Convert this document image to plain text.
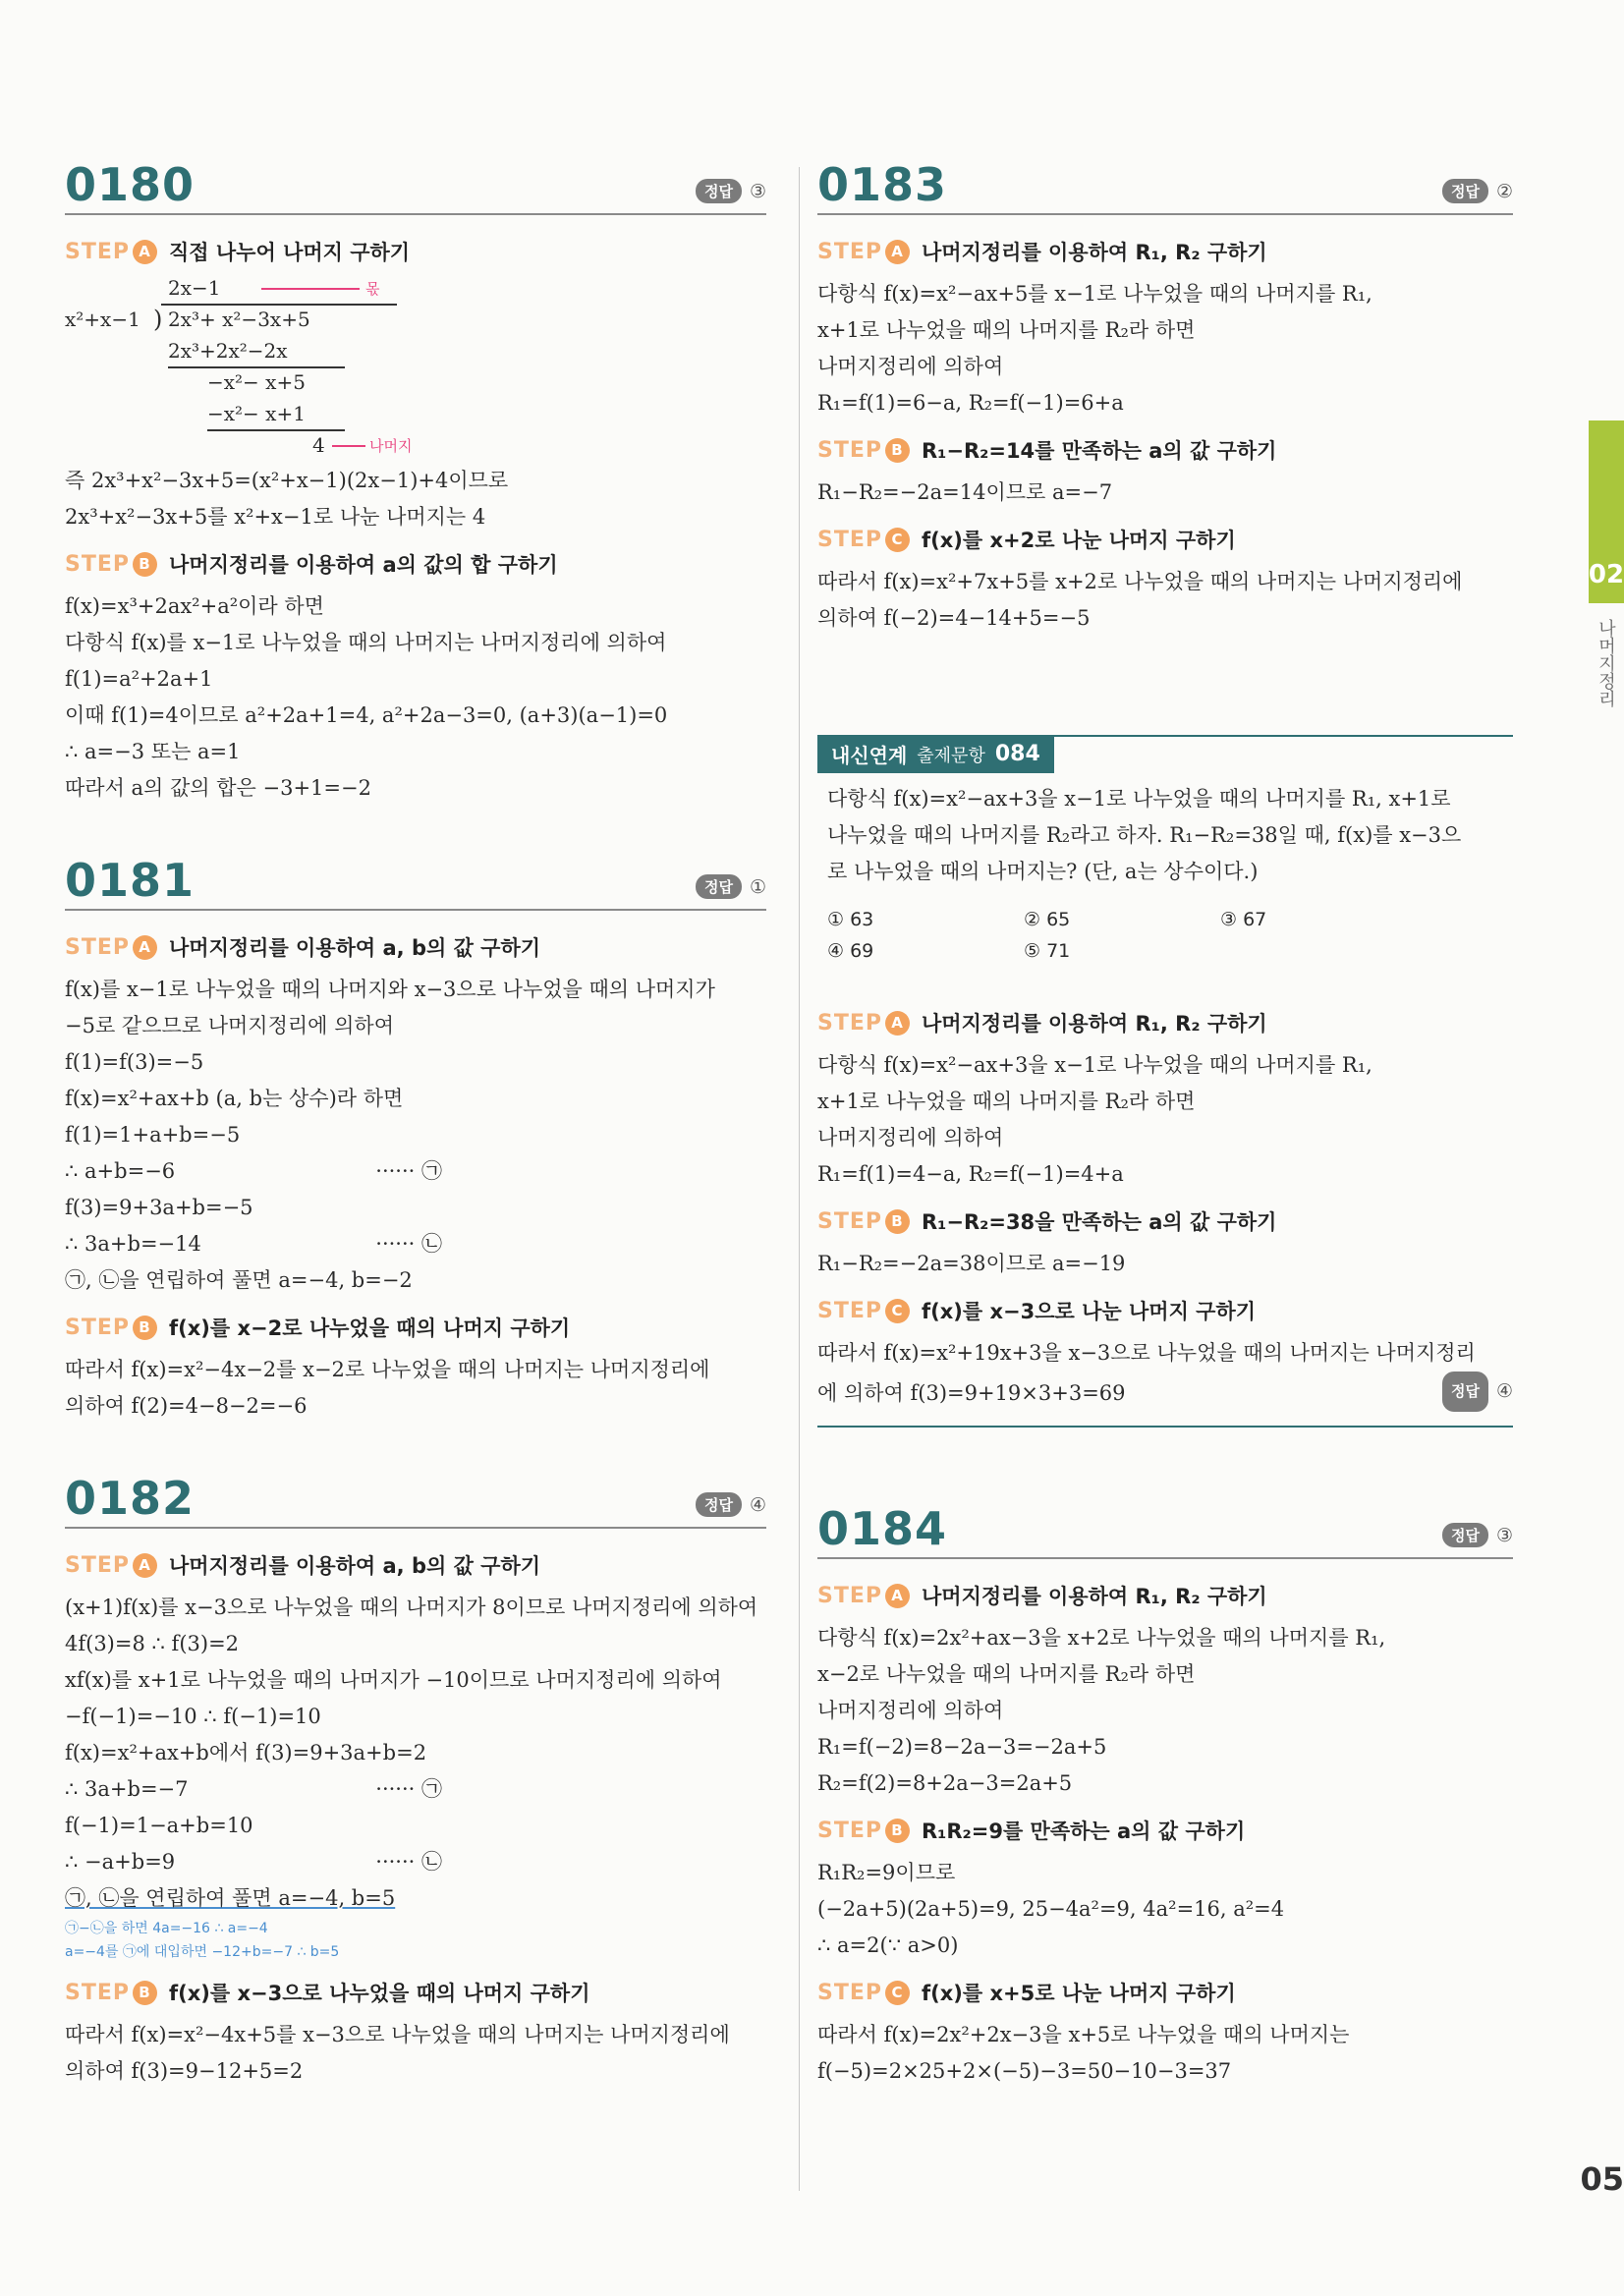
0180	정답 ③
STEP A 직접 나누어 나머지 구하기
2x−1	몫
x²+x−1 ) 2x³+ x²−3x+5
2x³+2x²−2x
−x²− x+5
−x²− x+1
4	나머지
즉 2x³+x²−3x+5=(x²+x−1)(2x−1)+4이므로
2x³+x²−3x+5를 x²+x−1로 나눈 나머지는 4
STEP B 나머지정리를 이용하여 a의 값의 합 구하기
f(x)=x³+2ax²+a²이라 하면
다항식 f(x)를 x−1로 나누었을 때의 나머지는 나머지정리에 의하여
f(1)=a²+2a+1
이때 f(1)=4이므로 a²+2a+1=4, a²+2a−3=0, (a+3)(a−1)=0
∴ a=−3 또는 a=1
따라서 a의 값의 합은 −3+1=−2
0181	정답 ①
STEP A 나머지정리를 이용하여 a, b의 값 구하기
f(x)를 x−1로 나누었을 때의 나머지와 x−3으로 나누었을 때의 나머지가
−5로 같으므로 나머지정리에 의하여
f(1)=f(3)=−5
f(x)=x²+ax+b (a, b는 상수)라 하면
f(1)=1+a+b=−5
∴ a+b=−6	······ ㉠
f(3)=9+3a+b=−5
∴ 3a+b=−14	······ ㉡
㉠, ㉡을 연립하여 풀면 a=−4, b=−2
STEP B f(x)를 x−2로 나누었을 때의 나머지 구하기
따라서 f(x)=x²−4x−2를 x−2로 나누었을 때의 나머지는 나머지정리에
의하여 f(2)=4−8−2=−6
0182	정답 ④
STEP A 나머지정리를 이용하여 a, b의 값 구하기
(x+1)f(x)를 x−3으로 나누었을 때의 나머지가 8이므로 나머지정리에 의하여
4f(3)=8 ∴ f(3)=2
xf(x)를 x+1로 나누었을 때의 나머지가 −10이므로 나머지정리에 의하여
−f(−1)=−10 ∴ f(−1)=10
f(x)=x²+ax+b에서 f(3)=9+3a+b=2
∴ 3a+b=−7	······ ㉠
f(−1)=1−a+b=10
∴ −a+b=9	······ ㉡
㉠, ㉡을 연립하여 풀면 a=−4, b=5
㉠−㉡을 하면 4a=−16 ∴ a=−4
a=−4를 ㉠에 대입하면 −12+b=−7 ∴ b=5
STEP B f(x)를 x−3으로 나누었을 때의 나머지 구하기
따라서 f(x)=x²−4x+5를 x−3으로 나누었을 때의 나머지는 나머지정리에
의하여 f(3)=9−12+5=2
0183	정답 ②
STEP A 나머지정리를 이용하여 R₁, R₂ 구하기
다항식 f(x)=x²−ax+5를 x−1로 나누었을 때의 나머지를 R₁,
x+1로 나누었을 때의 나머지를 R₂라 하면
나머지정리에 의하여
R₁=f(1)=6−a, R₂=f(−1)=6+a
STEP B R₁−R₂=14를 만족하는 a의 값 구하기
R₁−R₂=−2a=14이므로 a=−7
STEP C f(x)를 x+2로 나눈 나머지 구하기
따라서 f(x)=x²+7x+5를 x+2로 나누었을 때의 나머지는 나머지정리에
의하여 f(−2)=4−14+5=−5
내신연계 출제문항 084
다항식 f(x)=x²−ax+3을 x−1로 나누었을 때의 나머지를 R₁, x+1로
나누었을 때의 나머지를 R₂라고 하자. R₁−R₂=38일 때, f(x)를 x−3으
로 나누었을 때의 나머지는? (단, a는 상수이다.)
① 63	② 65	③ 67
④ 69	⑤ 71
STEP A 나머지정리를 이용하여 R₁, R₂ 구하기
다항식 f(x)=x²−ax+3을 x−1로 나누었을 때의 나머지를 R₁,
x+1로 나누었을 때의 나머지를 R₂라 하면
나머지정리에 의하여
R₁=f(1)=4−a, R₂=f(−1)=4+a
STEP B R₁−R₂=38을 만족하는 a의 값 구하기
R₁−R₂=−2a=38이므로 a=−19
STEP C f(x)를 x−3으로 나눈 나머지 구하기
따라서 f(x)=x²+19x+3을 x−3으로 나누었을 때의 나머지는 나머지정리
에 의하여 f(3)=9+19×3+3=69	정답 ④
0184	정답 ③
STEP A 나머지정리를 이용하여 R₁, R₂ 구하기
다항식 f(x)=2x²+ax−3을 x+2로 나누었을 때의 나머지를 R₁,
x−2로 나누었을 때의 나머지를 R₂라 하면
나머지정리에 의하여
R₁=f(−2)=8−2a−3=−2a+5
R₂=f(2)=8+2a−3=2a+5
STEP B R₁R₂=9를 만족하는 a의 값 구하기
R₁R₂=9이므로
(−2a+5)(2a+5)=9, 25−4a²=9, 4a²=16, a²=4
∴ a=2(∵ a>0)
STEP C f(x)를 x+5로 나눈 나머지 구하기
따라서 f(x)=2x²+2x−3을 x+5로 나누었을 때의 나머지는
f(−5)=2×25+2×(−5)−3=50−10−3=37
02
나머지정리
05
